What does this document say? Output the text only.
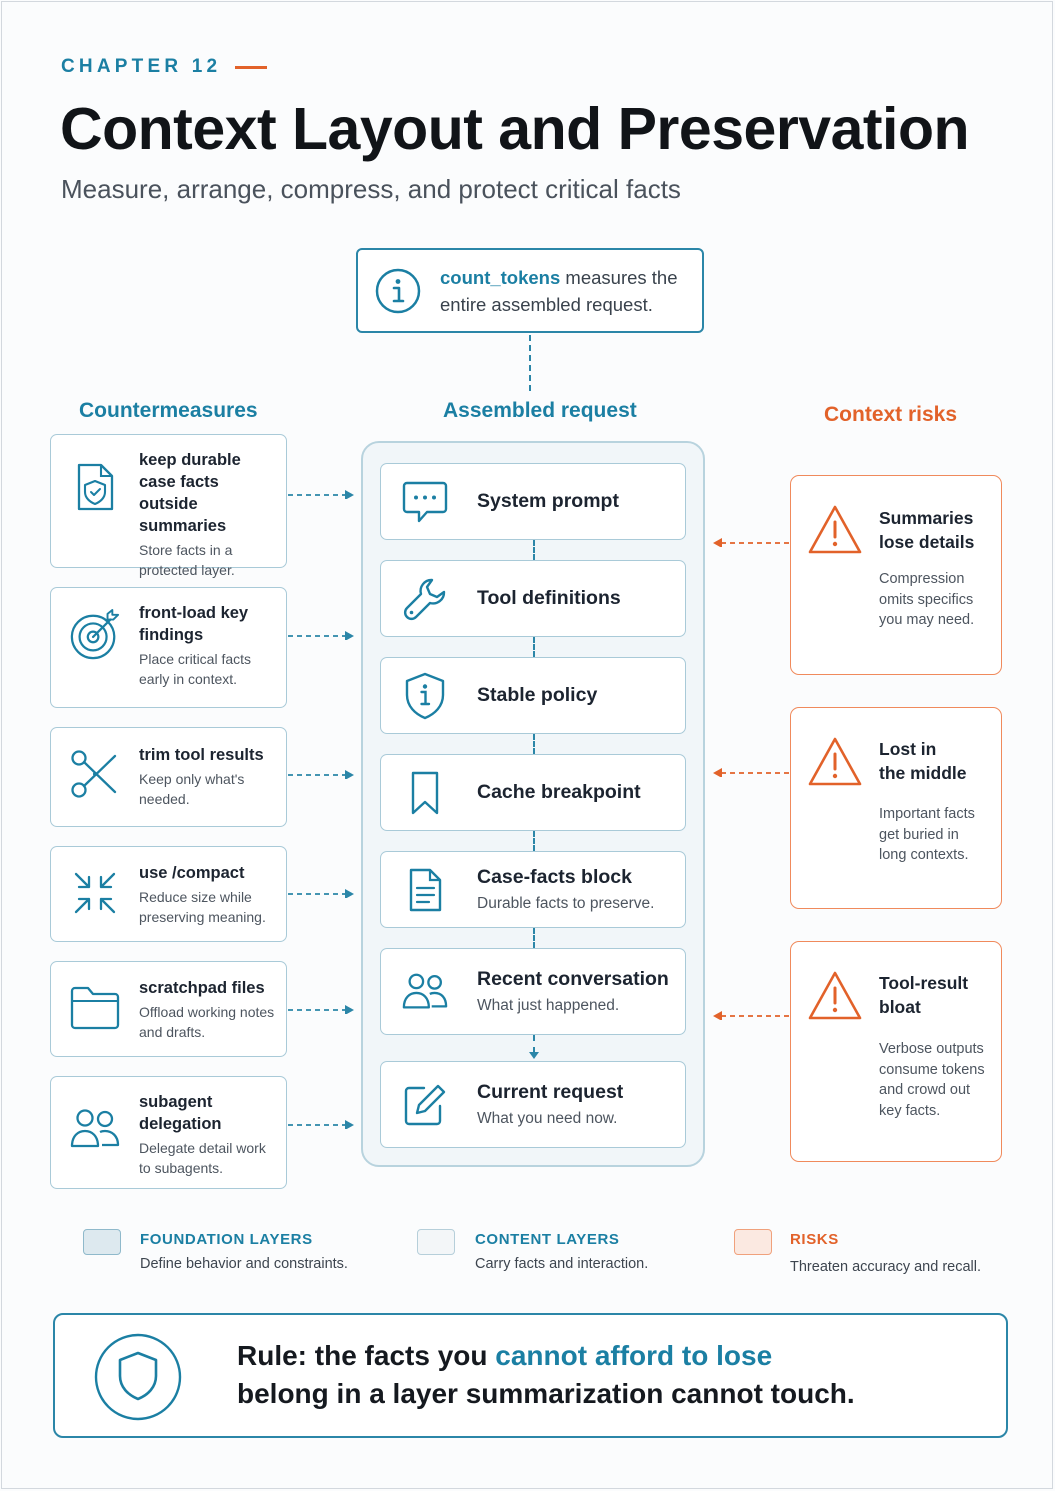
CHAPTER 12
Context Layout and Preservation
Measure, arrange, compress, and protect critical facts
count_tokens measures the
entire assembled request.
Countermeasures	Assembled request	Context risks
System prompt
Tool definitions
Stable policy
Cache breakpoint
Case-facts block
Durable facts to preserve.
Recent conversation
What just happened.
Current request
What you need now.
keep durable case facts outside summaries
Store facts in a protected layer.
front-load key findings
Place critical facts early in context.
trim tool results
Keep only what's needed.
use /compact
Reduce size while preserving meaning.
scratchpad files
Offload working notes and drafts.
subagent delegation
Delegate detail work to subagents.
Summaries
lose details
Compression
omits specifics
you may need.
Lost in
the middle
Important facts
get buried in
long contexts.
Tool-result
bloat
Verbose outputs
consume tokens
and crowd out
key facts.
FOUNDATION LAYERS
Define behavior and constraints.
CONTENT LAYERS
Carry facts and interaction.
RISKS
Threaten accuracy and recall.
Rule: the facts you cannot afford to lose
belong in a layer summarization cannot touch.
